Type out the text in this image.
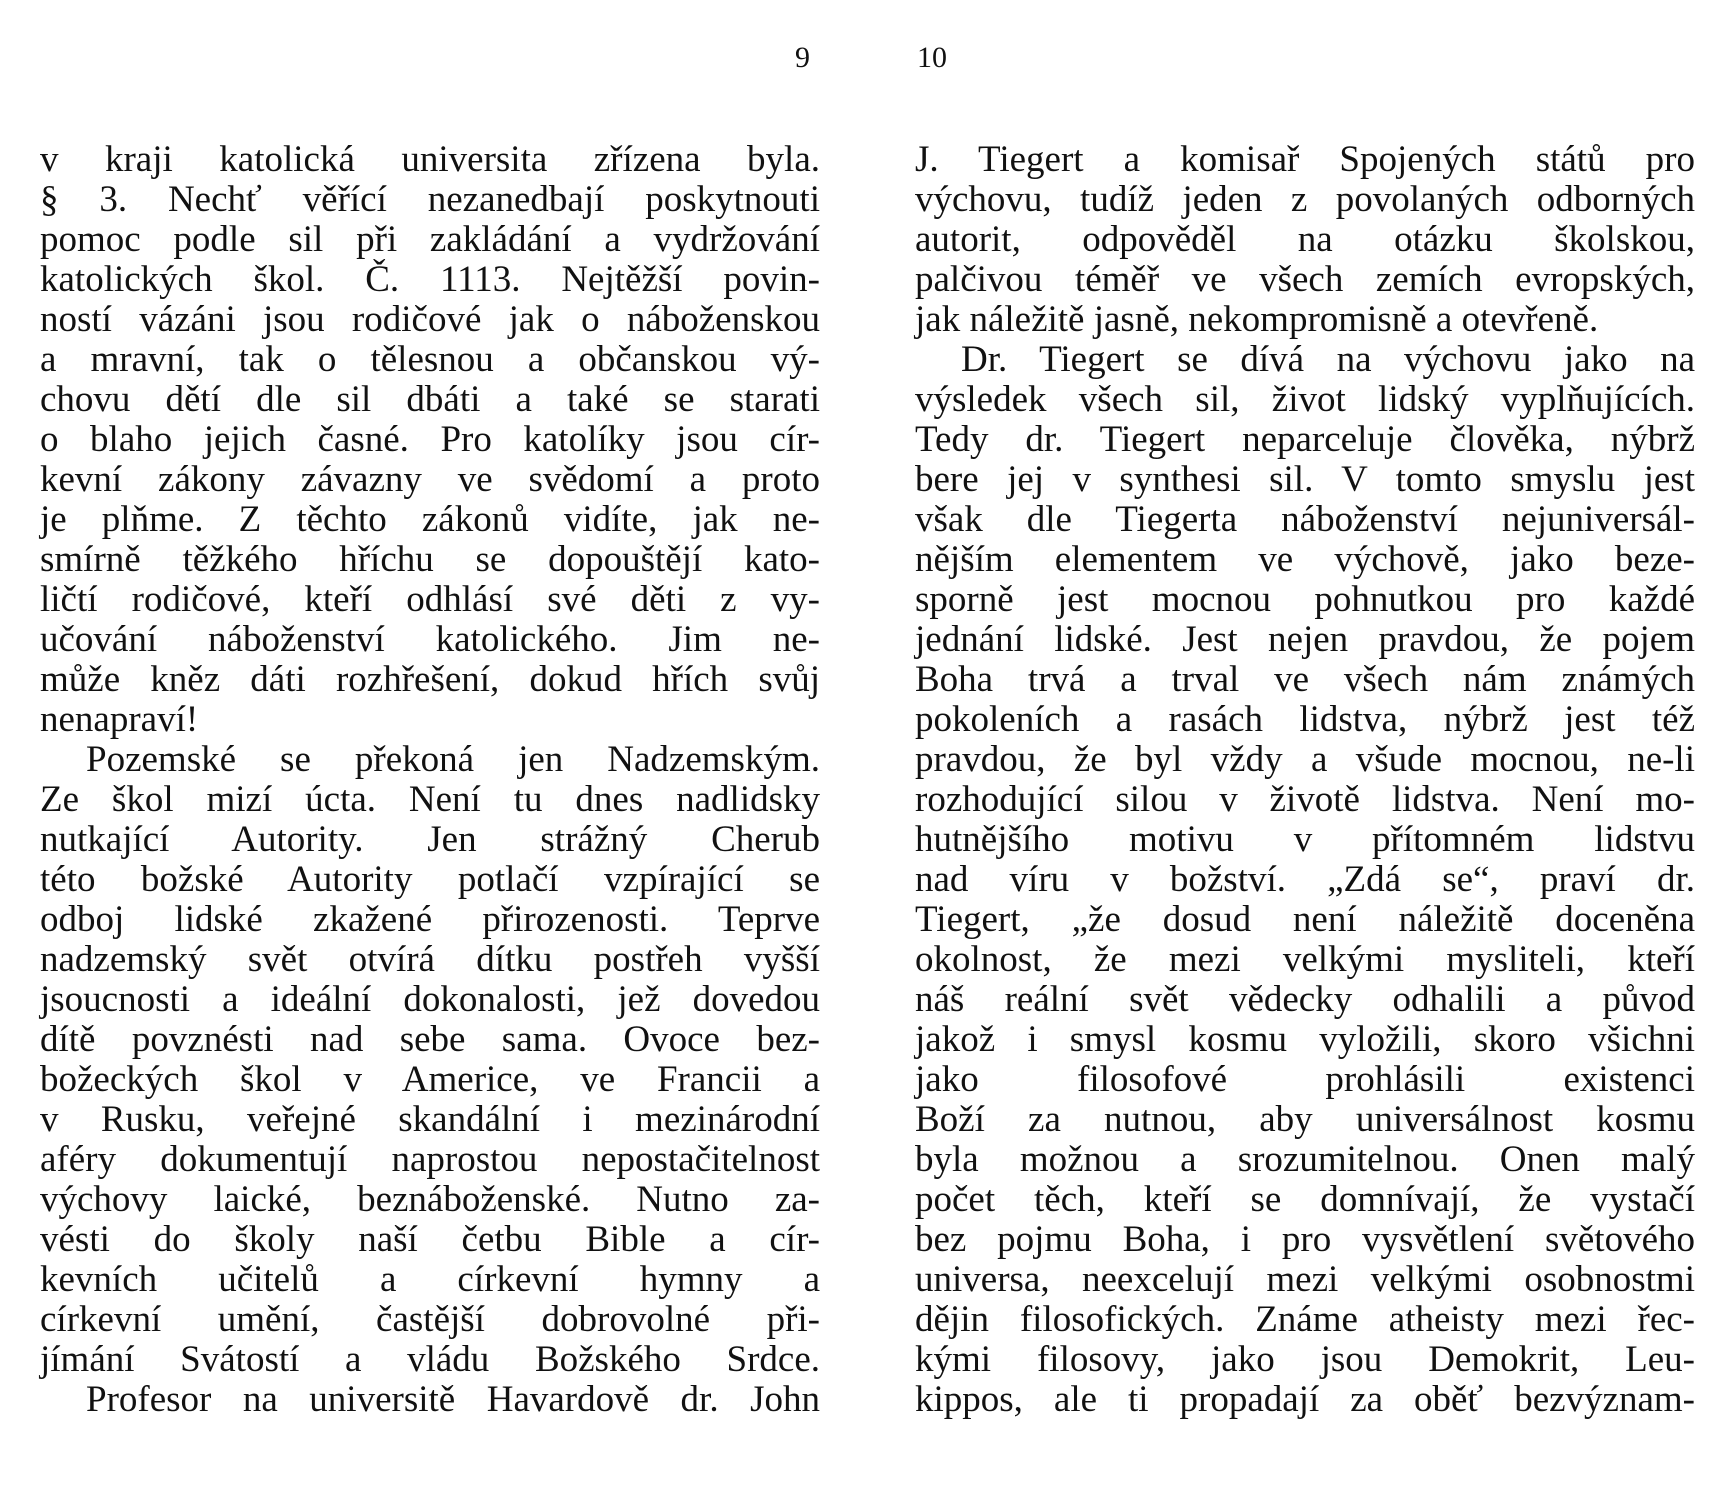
9	10
v kraji katolická universita zřízena byla.
§ 3. Nechť věřící nezanedbají poskytnouti
pomoc podle sil při zakládání a vydržování
katolických škol. Č. 1113. Nejtěžší povin-
ností vázáni jsou rodičové jak o náboženskou
a mravní, tak o tělesnou a občanskou vý-
chovu dětí dle sil dbáti a také se starati
o blaho jejich časné. Pro katolíky jsou cír-
kevní zákony závazny ve svědomí a proto
je plňme. Z těchto zákonů vidíte, jak ne-
smírně těžkého hříchu se dopouštějí kato-
ličtí rodičové, kteří odhlásí své děti z vy-
učování náboženství katolického. Jim ne-
může kněz dáti rozhřešení, dokud hřích svůj
nenapraví!
Pozemské se překoná jen Nadzemským.
Ze škol mizí úcta. Není tu dnes nadlidsky
nutkající Autority. Jen strážný Cherub
této božské Autority potlačí vzpírající se
odboj lidské zkažené přirozenosti. Teprve
nadzemský svět otvírá dítku postřeh vyšší
jsoucnosti a ideální dokonalosti, jež dovedou
dítě povznésti nad sebe sama. Ovoce bez-
božeckých škol v Americe, ve Francii a
v Rusku, veřejné skandální i mezinárodní
aféry dokumentují naprostou nepostačitelnost
výchovy laické, beznáboženské. Nutno za-
vésti do školy naší četbu Bible a cír-
kevních učitelů a církevní hymny a
církevní umění, častější dobrovolné při-
jímání Svátostí a vládu Božského Srdce.
Profesor na universitě Havardově dr. John
J. Tiegert a komisař Spojených států pro
výchovu, tudíž jeden z povolaných odborných
autorit, odpověděl na otázku školskou,
palčivou téměř ve všech zemích evropských,
jak náležitě jasně, nekompromisně a otevřeně.
Dr. Tiegert se dívá na výchovu jako na
výsledek všech sil, život lidský vyplňujících.
Tedy dr. Tiegert neparceluje člověka, nýbrž
bere jej v synthesi sil. V tomto smyslu jest
však dle Tiegerta náboženství nejuniversál-
nějším elementem ve výchově, jako beze-
sporně jest mocnou pohnutkou pro každé
jednání lidské. Jest nejen pravdou, že pojem
Boha trvá a trval ve všech nám známých
pokoleních a rasách lidstva, nýbrž jest též
pravdou, že byl vždy a všude mocnou, ne-li
rozhodující silou v životě lidstva. Není mo-
hutnějšího motivu v přítomném lidstvu
nad víru v božství. „Zdá se“, praví dr.
Tiegert, „že dosud není náležitě doceněna
okolnost, že mezi velkými mysliteli, kteří
náš reální svět vědecky odhalili a původ
jakož i smysl kosmu vyložili, skoro všichni
jako filosofové prohlásili existenci
Boží za nutnou, aby universálnost kosmu
byla možnou a srozumitelnou. Onen malý
počet těch, kteří se domnívají, že vystačí
bez pojmu Boha, i pro vysvětlení světového
universa, neexcelují mezi velkými osobnostmi
dějin filosofických. Známe atheisty mezi řec-
kými filosovy, jako jsou Demokrit, Leu-
kippos, ale ti propadají za oběť bezvýznam-
